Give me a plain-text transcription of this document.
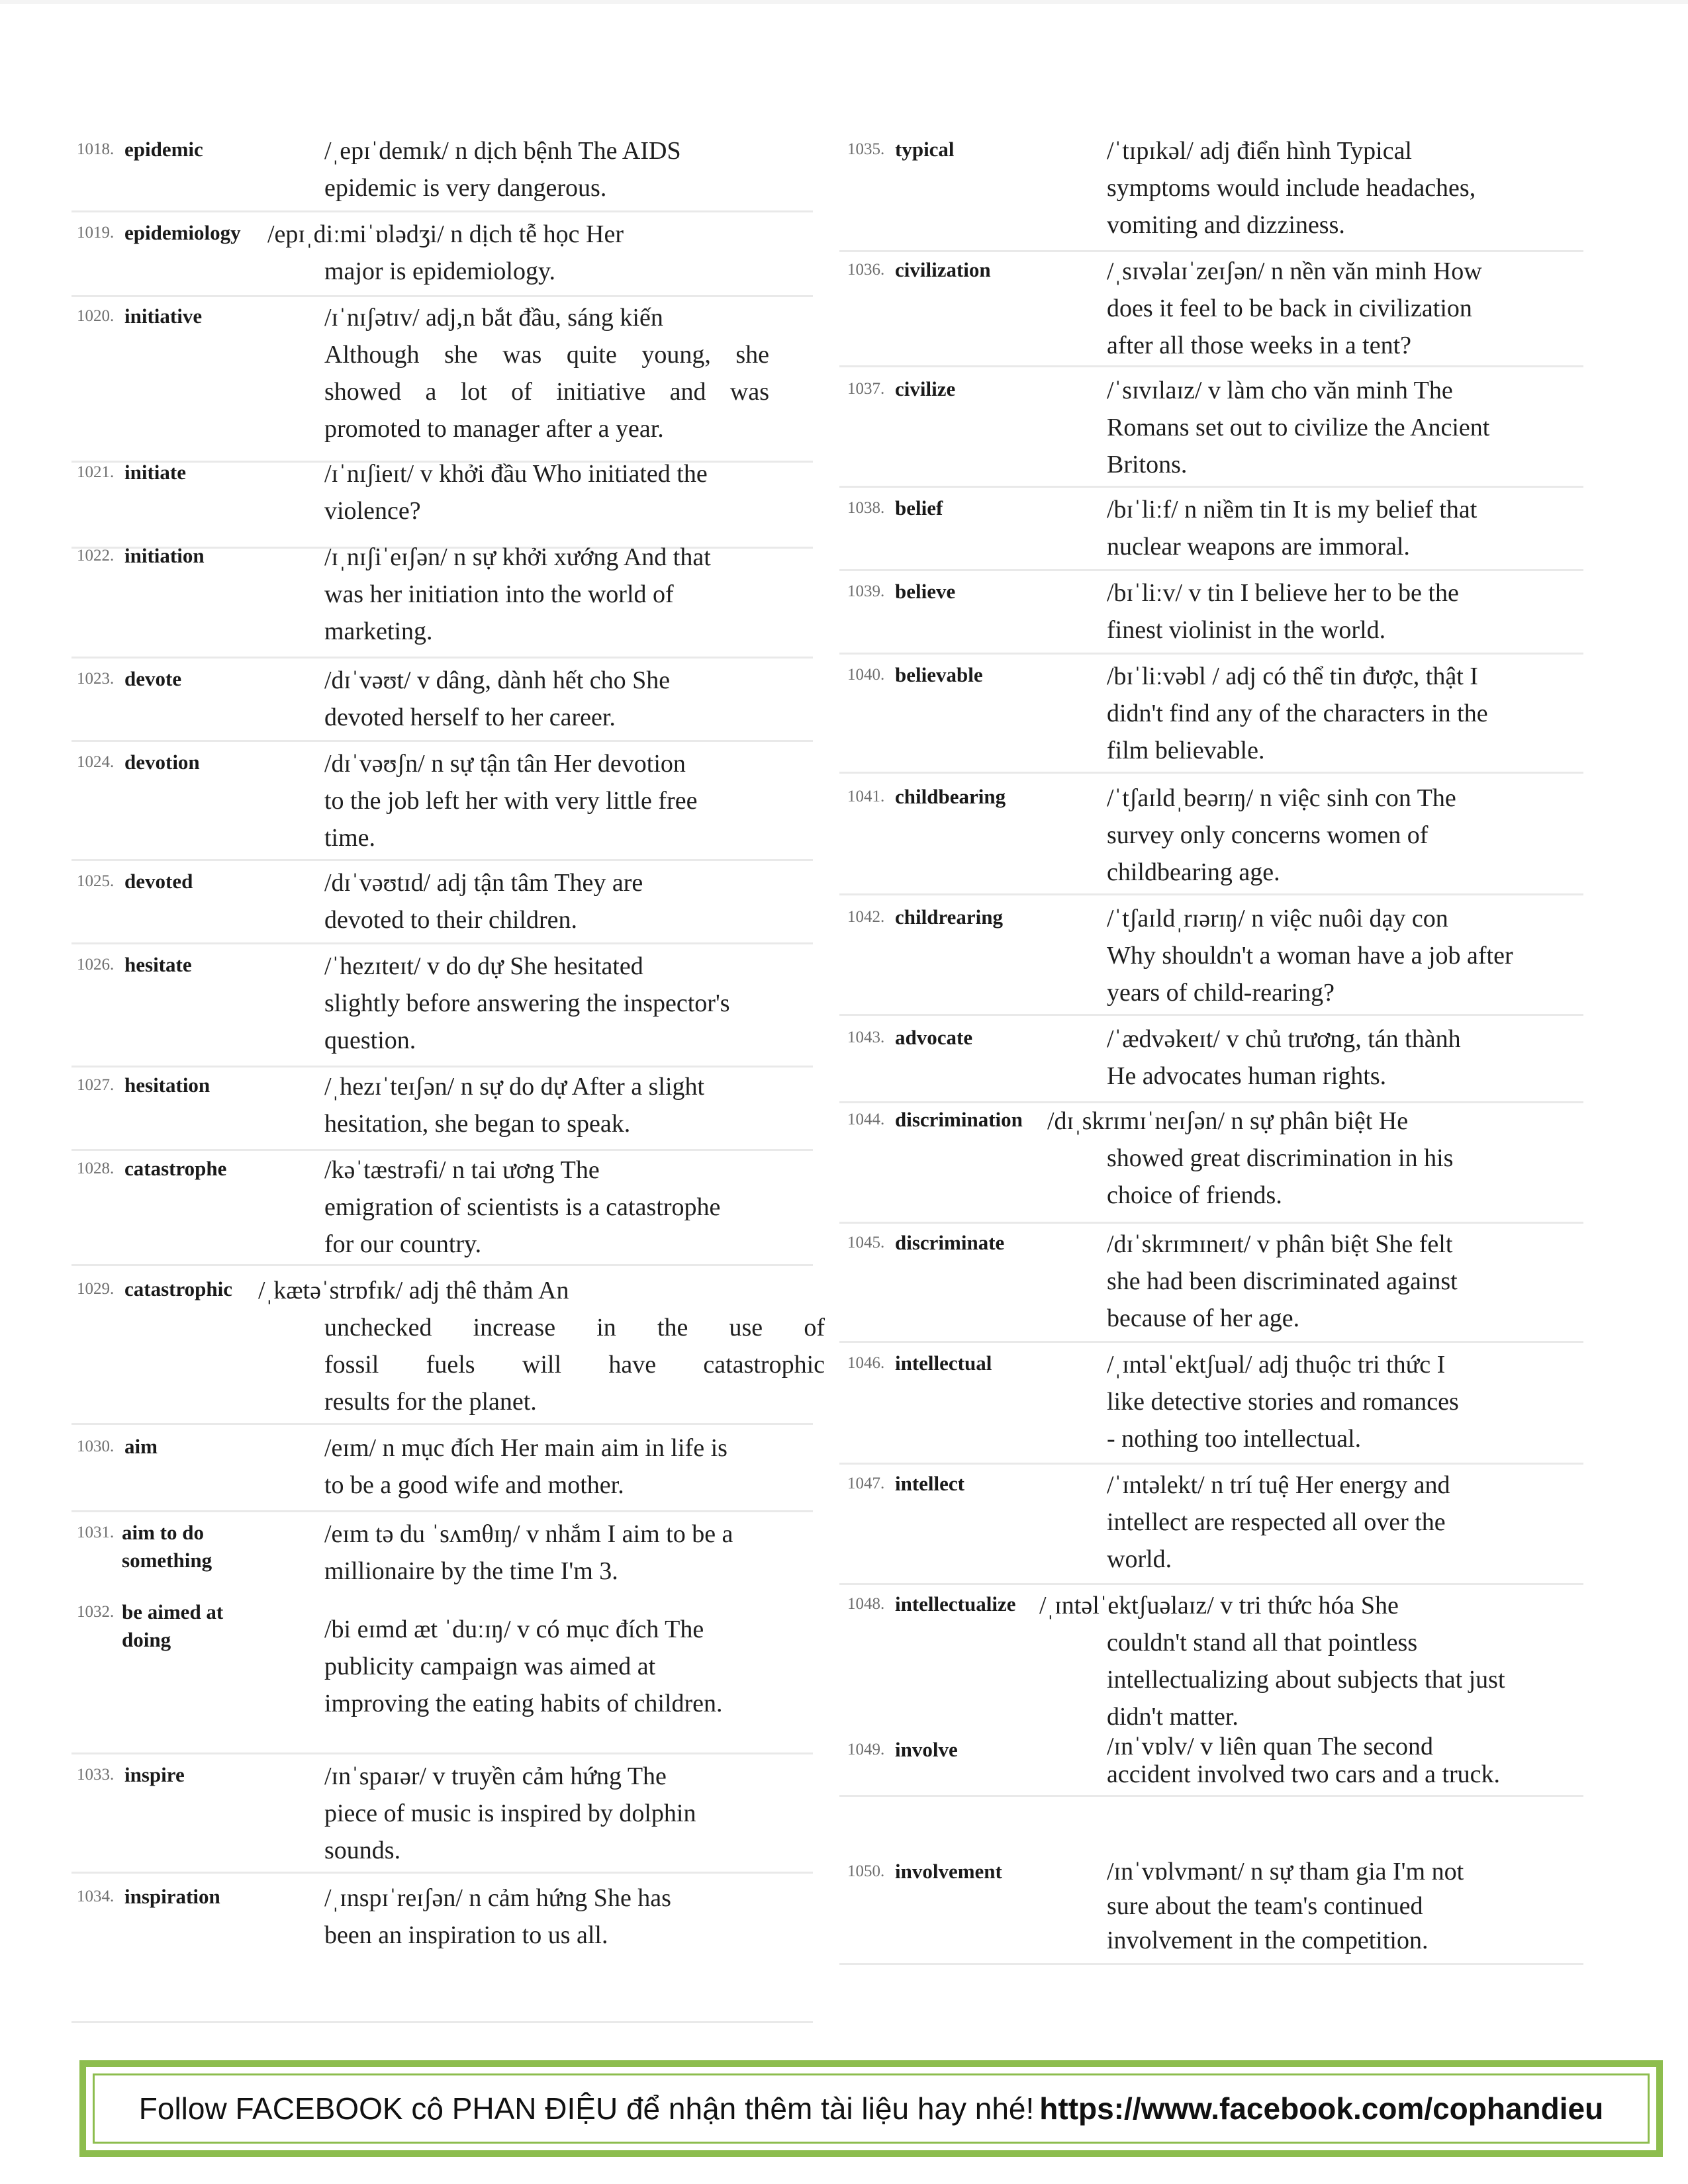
1018. epidemic	/ˌepɪˈdemɪk/ n dịch bệnh The AIDS
epidemic is very dangerous.
1019. epidemiology /epɪˌdiːmiˈɒlədʒi/ n dịch tễ học Her
major is epidemiology.
1020. initiative	/ɪˈnɪʃətɪv/ adj,n bắt đầu, sáng kiến
Although she was quite young, she
showed a lot of initiative and was
promoted to manager after a year.
1021. initiate	/ɪˈnɪʃieɪt/ v khởi đầu Who initiated the
violence?
1022. initiation	/ɪˌnɪʃiˈeɪʃən/ n sự khởi xướng And that
was her initiation into the world of
marketing.
1023. devote	/dɪˈvəʊt/ v dâng, dành hết cho She
devoted herself to her career.
1024. devotion	/dɪˈvəʊʃn/ n sự tận tân Her devotion
to the job left her with very little free
time.
1025. devoted	/dɪˈvəʊtɪd/ adj tận tâm They are
devoted to their children.
1026. hesitate	/ˈhezɪteɪt/ v do dự She hesitated
slightly before answering the inspector's
question.
1027. hesitation	/ˌhezɪˈteɪʃən/ n sự do dự After a slight
hesitation, she began to speak.
1028. catastrophe	/kəˈtæstrəfi/ n tai ương The
emigration of scientists is a catastrophe
for our country.
1029. catastrophic /ˌkætəˈstrɒfɪk/ adj thê thảm An
unchecked increase in the use of
fossil fuels will have catastrophic
results for the planet.
1030. aim	/eɪm/ n mục đích Her main aim in life is
to be a good wife and mother.
1031. aim to do something
/eɪm tə du ˈsʌmθɪŋ/ v nhắm I aim to be a
millionaire by the time I'm 3.
1032. be aimed at doing	/bi eɪmd æt ˈduːɪŋ/ v có mục đích The
publicity campaign was aimed at
improving the eating habits of children.
1033. inspire	/ɪnˈspaɪər/ v truyền cảm hứng The
piece of music is inspired by dolphin
sounds.
1034. inspiration	/ˌɪnspɪˈreɪʃən/ n cảm hứng She has
been an inspiration to us all.
1035. typical	/ˈtɪpɪkəl/ adj điển hình Typical
symptoms would include headaches,
vomiting and dizziness.
1036. civilization	/ˌsɪvəlaɪˈzeɪʃən/ n nền văn minh How
does it feel to be back in civilization
after all those weeks in a tent?
1037. civilize	/ˈsɪvɪlaɪz/ v làm cho văn minh The
Romans set out to civilize the Ancient
Britons.
1038. belief	/bɪˈliːf/ n niềm tin It is my belief that
nuclear weapons are immoral.
1039. believe	/bɪˈliːv/ v tin I believe her to be the
finest violinist in the world.
1040. believable	/bɪˈliːvəbl / adj có thể tin được, thật I
didn't find any of the characters in the
film believable.
1041. childbearing	/ˈtʃaɪldˌbeərɪŋ/ n việc sinh con The
survey only concerns women of
childbearing age.
1042. childrearing	/ˈtʃaɪldˌrɪərɪŋ/ n việc nuôi dạy con
Why shouldn't a woman have a job after
years of child-rearing?
1043. advocate	/ˈædvəkeɪt/ v chủ trương, tán thành
He advocates human rights.
1044. discrimination /dɪˌskrɪmɪˈneɪʃən/ n sự phân biệt He
showed great discrimination in his
choice of friends.
1045. discriminate	/dɪˈskrɪmɪneɪt/ v phân biệt She felt
she had been discriminated against
because of her age.
1046. intellectual	/ˌɪntəlˈektʃuəl/ adj thuộc tri thức I
like detective stories and romances
- nothing too intellectual.
1047. intellect	/ˈɪntəlekt/ n trí tuệ Her energy and
intellect are respected all over the
world.
1048. intellectualize /ˌɪntəlˈektʃuəlaɪz/ v tri thức hóa She
couldn't stand all that pointless
intellectualizing about subjects that just
didn't matter.
1049. involve	/ɪnˈvɒlv/ v liên quan The second
accident involved two cars and a truck.
1050. involvement	/ɪnˈvɒlvmənt/ n sự tham gia I'm not
sure about the team's continued
involvement in the competition.
Follow FACEBOOK cô PHAN ĐIỆU để nhận thêm tài liệu hay nhé! https://www.facebook.com/cophandieu
